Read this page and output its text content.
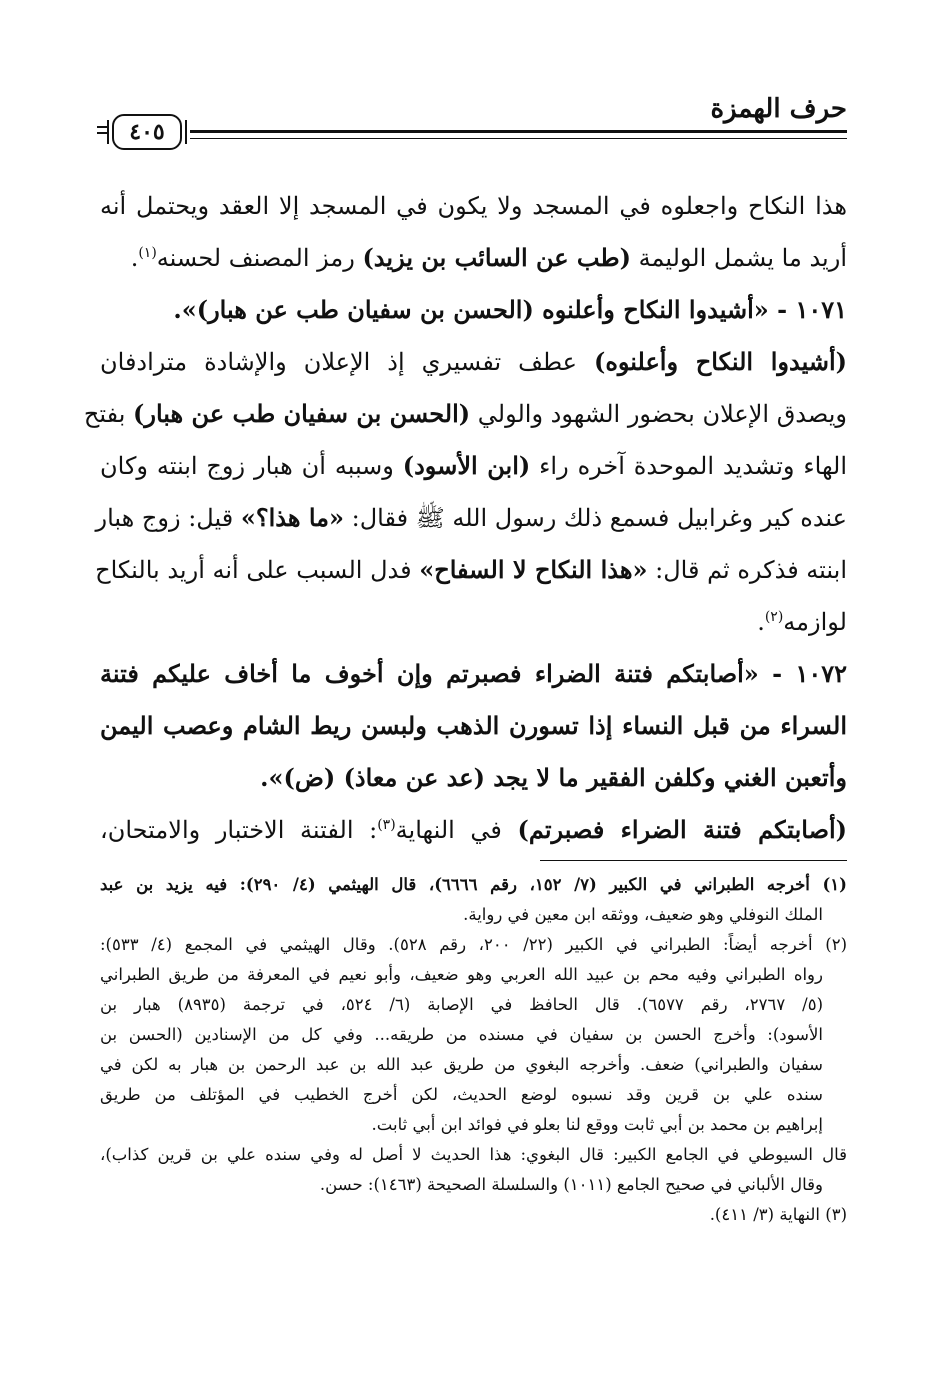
حرف الهمزة
٤٠٥
هذا النكاح واجعلوه في المسجد ولا يكون في المسجد إلا العقد ويحتمل أنه
أريد ما يشمل الوليمة (طب عن السائب بن يزيد) رمز المصنف لحسنه$^{(١)}$.
١٠٧١ - «أشيدوا النكاح وأعلنوه (الحسن بن سفيان طب عن هبار)».
(أشيدوا النكاح وأعلنوه) عطف تفسيري إذ الإعلان والإشادة مترادفان
ويصدق الإعلان بحضور الشهود والولي (الحسن بن سفيان طب عن هبار) بفتح
الهاء وتشديد الموحدة آخره راء (ابن الأسود) وسببه أن هبار زوج ابنته وكان
عنده كير وغرابيل فسمع ذلك رسول الله ﷺ فقال: «ما هذا؟» قيل: زوج هبار
ابنته فذكره ثم قال: «هذا النكاح لا السفاح» فدل السبب على أنه أريد بالنكاح
لوازمه$^{(٢)}$.
١٠٧٢ - «أصابتكم فتنة الضراء فصبرتم وإن أخوف ما أخاف عليكم فتنة
السراء من قبل النساء إذا تسورن الذهب ولبسن ريط الشام وعصب اليمن
وأتعبن الغني وكلفن الفقير ما لا يجد (عد عن معاذ) (ض)».
(أصابتكم فتنة الضراء فصبرتم) في النهاية$^{(٣)}$: الفتنة الاختبار والامتحان،
(١) أخرجه الطبراني في الكبير (٧/ ١٥٢، رقم ٦٦٦٦)، قال الهيثمي (٤/ ٢٩٠): فيه يزيد بن عبد
الملك النوفلي وهو ضعيف، ووثقه ابن معين في رواية.
(٢) أخرجه أيضاً: الطبراني في الكبير (٢٢/ ٢٠٠، رقم ٥٢٨). وقال الهيثمي في المجمع (٤/ ٥٣٣):
رواه الطبراني وفيه محم بن عبيد الله العربي وهو ضعيف، وأبو نعيم في المعرفة من طريق الطبراني
(٥/ ٢٧٦٧، رقم ٦٥٧٧). قال الحافظ في الإصابة (٦/ ٥٢٤، في ترجمة (٨٩٣٥) هبار بن
الأسود): وأخرج الحسن بن سفيان في مسنده من طريقه... وفي كل من الإسنادين (الحسن بن
سفيان والطبراني) ضعف. وأخرجه البغوي من طريق عبد الله بن عبد الرحمن بن هبار به لكن في
سنده علي بن قرين وقد نسبوه لوضع الحديث، لكن أخرج الخطيب في المؤتلف من طريق
إبراهيم بن محمد بن أبي ثابت ووقع لنا بعلو في فوائد ابن أبي ثابت.
قال السيوطي في الجامع الكبير: قال البغوي: هذا الحديث لا أصل له وفي سنده علي بن قرين كذاب)،
وقال الألباني في صحيح الجامع (١٠١١) والسلسلة الصحيحة (١٤٦٣): حسن.
(٣) النهاية (٣/ ٤١١).
